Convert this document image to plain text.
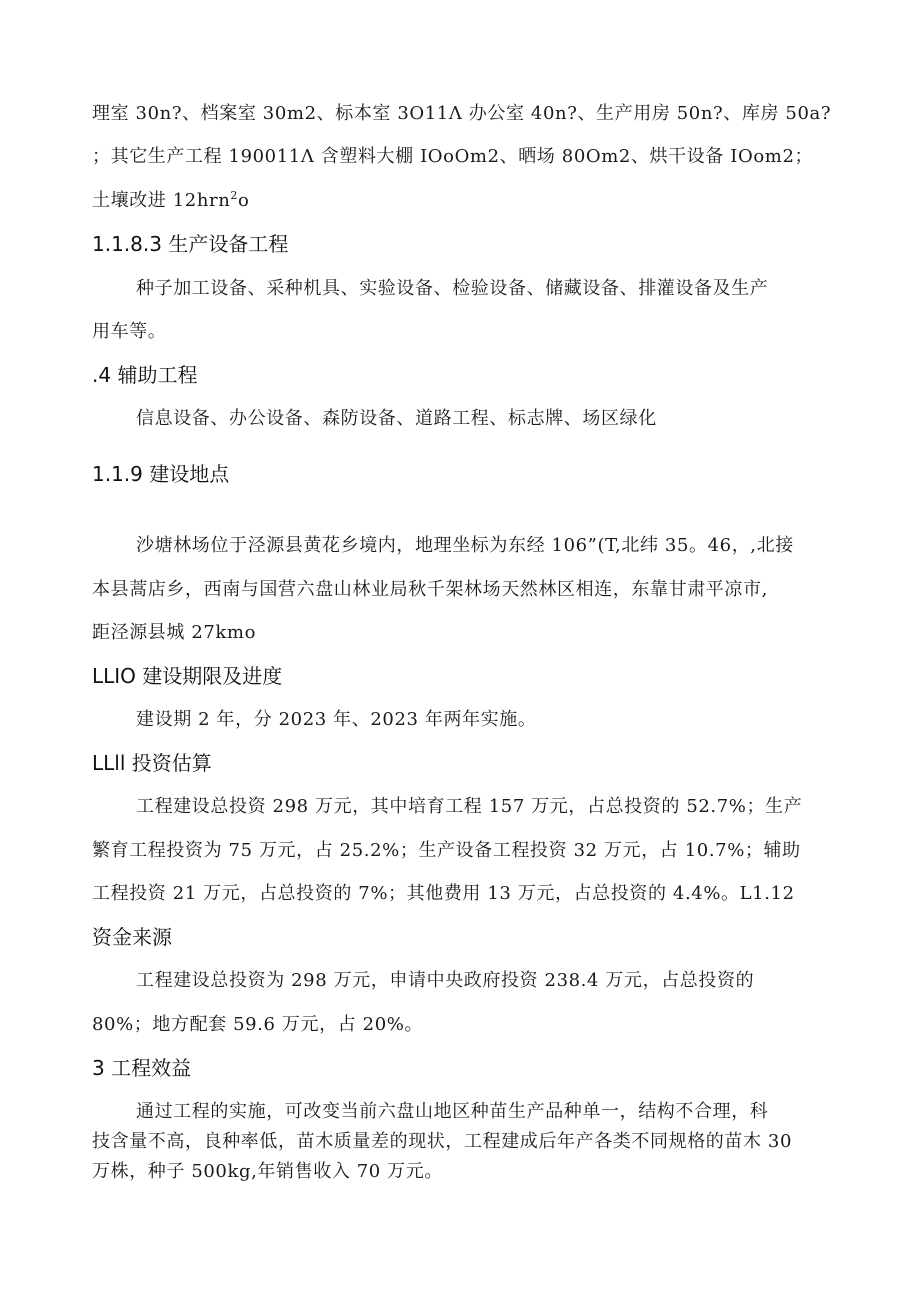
理室 30n?、档案室 30m2、标本室 3O11Λ 办公室 40n?、生产用房 50n?、库房 50a?
；其它生产工程 190011Λ 含塑料大棚 IOoOm2、晒场 80Om2、烘干设备 IOom2；
土壤改进 12hrn$^2$o
1.1.8.3 生产设备工程
种子加工设备、采种机具、实验设备、检验设备、储藏设备、排灌设备及生产
用车等。
.4 辅助工程
信息设备、办公设备、森防设备、道路工程、标志牌、场区绿化
1.1.9 建设地点
沙塘林场位于泾源县黄花乡境内，地理坐标为东经 106”(T,北纬 35。46，,北接
本县蒿店乡，西南与国营六盘山林业局秋千架林场天然林区相连，东靠甘肃平凉市,
距泾源县城 27kmo
LLIO 建设期限及进度
建设期 2 年，分 2023 年、2023 年两年实施。
LLll 投资估算
工程建设总投资 298 万元，其中培育工程 157 万元，占总投资的 52.7%；生产
繁育工程投资为 75 万元，占 25.2%；生产设备工程投资 32 万元，占 10.7%；辅助
工程投资 21 万元，占总投资的 7%；其他费用 13 万元，占总投资的 4.4%。L1.12
资金来源
工程建设总投资为 298 万元，申请中央政府投资 238.4 万元，占总投资的
80%；地方配套 59.6 万元，占 20%。
3 工程效益
通过工程的实施，可改变当前六盘山地区种苗生产品种单一，结构不合理，科
技含量不高，良种率低，苗木质量差的现状，工程建成后年产各类不同规格的苗木 30
万株，种子 500kg,年销售收入 70 万元。
